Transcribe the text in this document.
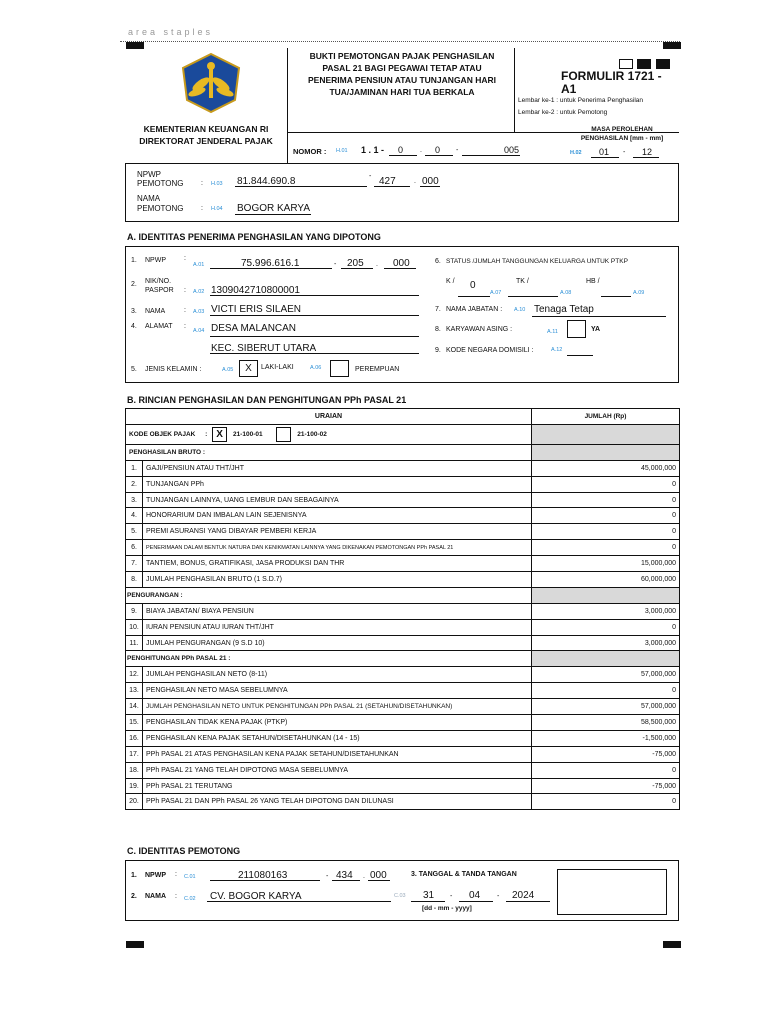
area staples
KEMENTERIAN KEUANGAN RI
DIREKTORAT JENDERAL PAJAK
BUKTI PEMOTONGAN PAJAK PENGHASILAN PASAL 21 BAGI PEGAWAI TETAP ATAU PENERIMA PENSIUN ATAU TUNJANGAN HARI TUA/JAMINAN HARI TUA BERKALA
NOMOR : H.01 1 . 1 - 0 . 0 -	005

FORMULIR 1721 -
A1
Lembar ke-1 : untuk Penerima Penghasilan
Lembar ke-2 : untuk Pemotong
MASA PEROLEHAN PENGHASILAN [mm - mm]
H.02 01 - 12
NPWP
PEMOTONG : H.03 81.844.690.8	- 427	. 000
NAMA
PEMOTONG : H.04 BOGOR KARYA
A. IDENTITAS PENERIMA PENGHASILAN YANG DIPOTONG
1. NPWP	:
A.01	75.996.616.1	- 205 . 000
2. NIK/NO.
PASPOR : A.02 1309042710800001
3. NAMA	: A.03 VICTI ERIS SILAEN
4. ALAMAT :
A.04 DESA MALANCAN
KEC. SIBERUT UTARA
5. JENIS KELAMIN :	A.05	X	LAKI-LAKI	A.06	PEREMPUAN
6. STATUS /JUMLAH TANGGUNGAN KELUARGA UNTUK PTKP
K / 0
A.07
TK /
A.08
HB /
A.09
7. NAMA JABATAN : A.10 Tenaga Tetap
8. KARYAWAN ASING :	A.11	YA
9. KODE NEGARA DOMISILI :	A.12
B. RINCIAN PENGHASILAN DAN PENGHITUNGAN PPh PASAL 21
URAIAN		JUMLAH (Rp)
KODE OBJEK PAJAK : X 21-100-01 21-100-02		
PENGHASILAN BRUTO :		
1.	GAJI/PENSIUN ATAU THT/JHT	45,000,000
2.	TUNJANGAN PPh	0
3.	TUNJANGAN LAINNYA, UANG LEMBUR DAN SEBAGAINYA	0
4.	HONORARIUM DAN IMBALAN LAIN SEJENISNYA	0
5.	PREMI ASURANSI YANG DIBAYAR PEMBERI KERJA	0
6.	PENERIMAAN DALAM BENTUK NATURA DAN KENIKMATAN LAINNYA YANG DIKENAKAN PEMOTONGAN PPh PASAL 21	0
7.	TANTIEM, BONUS, GRATIFIKASI, JASA PRODUKSI DAN THR	15,000,000
8.	JUMLAH PENGHASILAN BRUTO (1 S.D.7)	60,000,000
PENGURANGAN :		
9.	BIAYA JABATAN/ BIAYA PENSIUN	3,000,000
10.	IURAN PENSIUN ATAU IURAN THT/JHT	0
11.	JUMLAH PENGURANGAN (9 S.D 10)	3,000,000
PENGHITUNGAN PPh PASAL 21 :		
12.	JUMLAH PENGHASILAN NETO (8-11)	57,000,000
13.	PENGHASILAN NETO MASA SEBELUMNYA	0
14.	JUMLAH PENGHASILAN NETO UNTUK PENGHITUNGAN PPh PASAL 21 (SETAHUN/DISETAHUNKAN)	57,000,000
15.	PENGHASILAN TIDAK KENA PAJAK (PTKP)	58,500,000
16.	PENGHASILAN KENA PAJAK SETAHUN/DISETAHUNKAN (14 - 15)	-1,500,000
17.	PPh PASAL 21 ATAS PENGHASILAN KENA PAJAK SETAHUN/DISETAHUNKAN	-75,000
18.	PPh PASAL 21 YANG TELAH DIPOTONG MASA SEBELUMNYA	0
19.	PPh PASAL 21 TERUTANG	-75,000
20.	PPh PASAL 21 DAN PPh PASAL 26 YANG TELAH DIPOTONG DAN DILUNASI	0
C. IDENTITAS PEMOTONG
1. NPWP : C.01	211080163	- 434 . 000	3. TANGGAL & TANDA TANGAN
2. NAMA : C.02 CV. BOGOR KARYA	C.03 31 - 04 - 2024
[dd - mm - yyyy]
